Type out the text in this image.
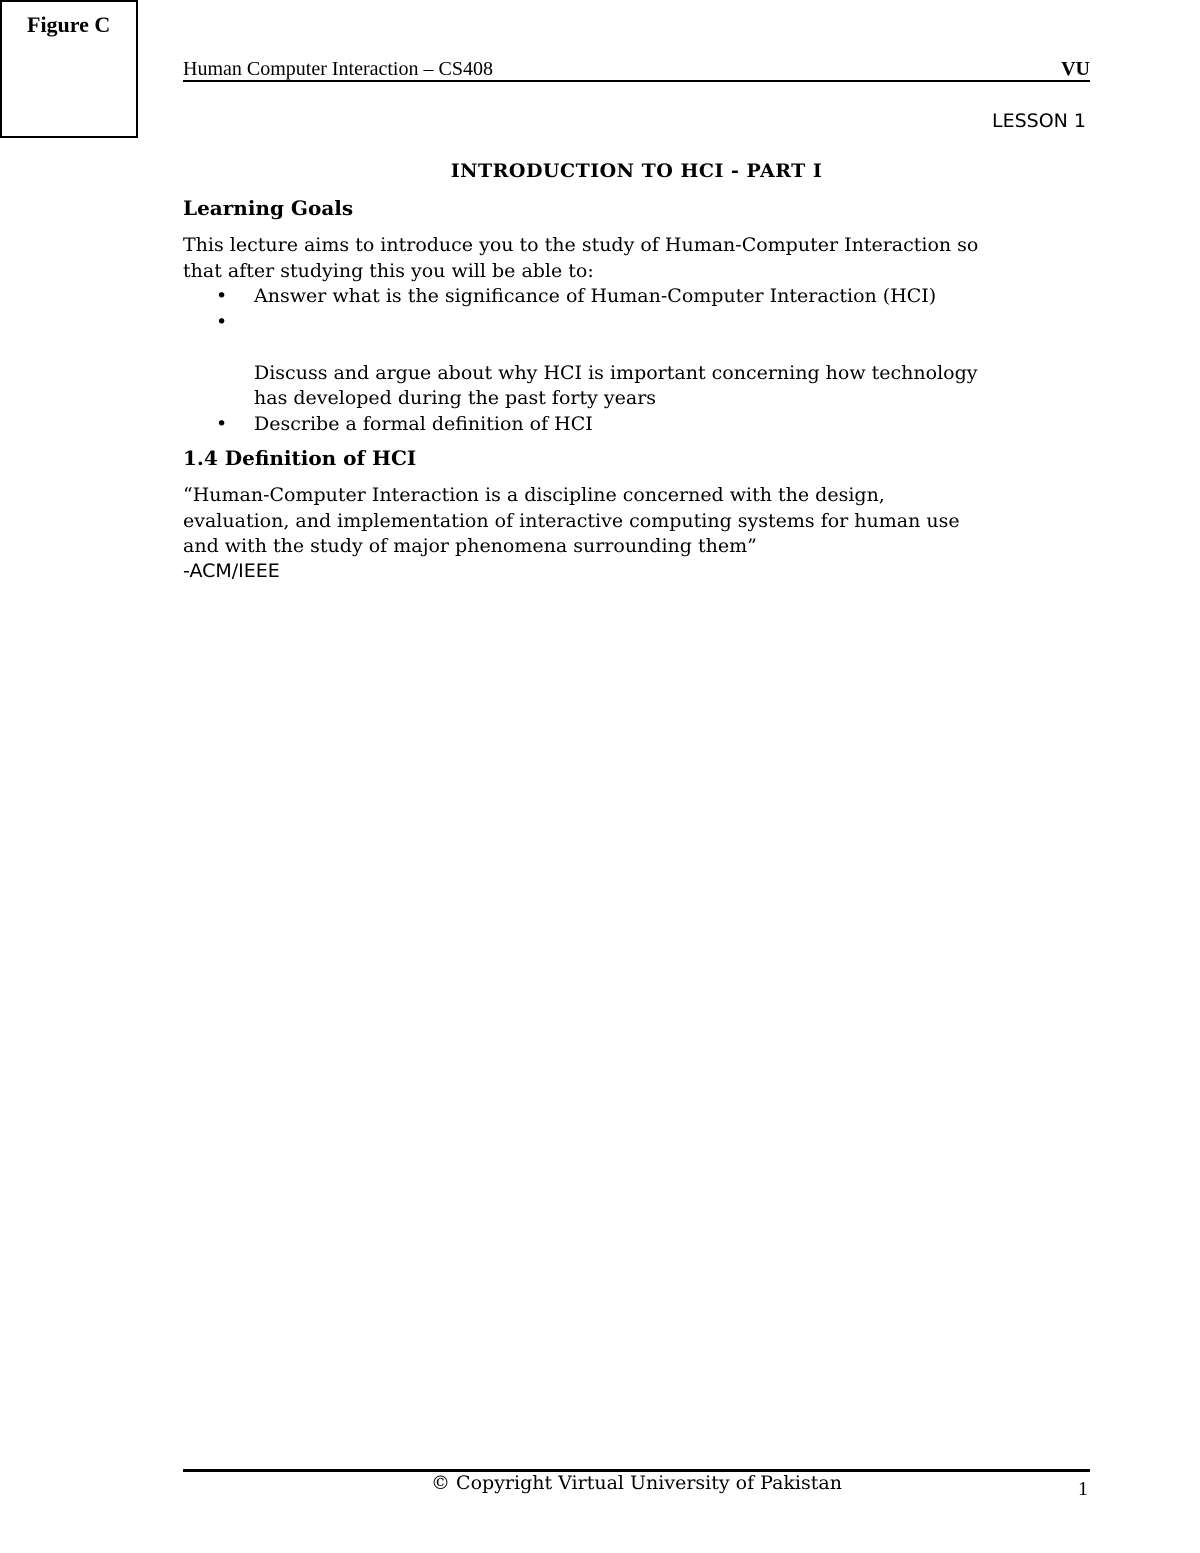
Figure C
Human Computer Interaction – CS408	VU
LESSON 1
INTRODUCTION TO HCI - PART I
Learning Goals
This lecture aims to introduce you to the study of Human-Computer Interaction so
that after studying this you will be able to:
• Answer what is the significance of Human-Computer Interaction (HCI)

•

Discuss and argue about why HCI is important concerning how technology
has developed during the past forty years

• Describe a formal definition of HCI
1.4 Definition of HCI
“Human-Computer Interaction is a discipline concerned with the design,
evaluation, and implementation of interactive computing systems for human use
and with the study of major phenomena surrounding them”
-ACM/IEEE
© Copyright Virtual University of Pakistan	1
